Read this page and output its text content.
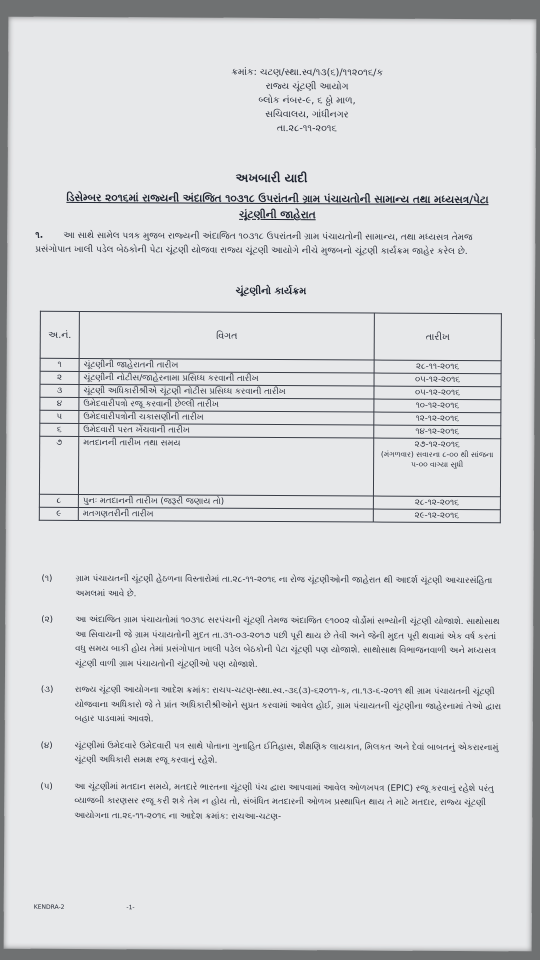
ક્રમાંક: ચટણ/સ્થા.સ્વ/૧૩(૬)/૧૧૨૦૧૬/ક
રાજ્ય ચૂંટણી આયોગ
બ્લોક નંબર-૯, ૬ ઠ્ઠો માળ,
સચિવાલય, ગાંધીનગર
તા.૨૮-૧૧-૨૦૧૬
અખબારી યાદી
ડિસેમ્બર ૨૦૧૬માં રાજ્યની અંદાજિત ૧૦૩૧૮ ઉપરાંતની ગ્રામ પંચાયતોની સામાન્ય તથા મધ્યસત્ર/પેટા ચૂંટણીની જાહેરાત
૧. આ સાથે સામેલ પત્રક મુજબ રાજ્યની અંદાજિત ૧૦૩૧૮ ઉપરાંતની ગ્રામ પંચાયતોની સામાન્ય, તથા મધ્યસત્ર તેમજ પ્રસંગોપાત ખાલી પડેલ બેઠકોની પેટા ચૂંટણી યોજવા રાજ્ય ચૂંટણી આયોગે નીચે મુજબનો ચૂંટણી કાર્યક્રમ જાહેર કરેલ છે.
ચૂંટણીનો કાર્યક્રમ
અ.નં.	વિગત	તારીખ
૧	ચૂંટણીની જાહેરાતની તારીખ	૨૮-૧૧-૨૦૧૬
૨	ચૂંટણીની નોટીસ/જાહેરનામા પ્રસિધ્ધ કરવાની તારીખ	૦૫-૧૨-૨૦૧૬
૩	ચૂંટણી અધિકારીશ્રીએ ચૂંટણી નોટીસ પ્રસિધ્ધ કરવાની તારીખ	૦૫-૧૨-૨૦૧૬
૪	ઉમેદવારીપત્રો રજૂ કરવાની છેલ્લી તારીખ	૧૦-૧૨-૨૦૧૬
૫	ઉમેદવારીપત્રોની ચકાસણીની તારીખ	૧૨-૧૨-૨૦૧૬
૬	ઉમેદવારી પરત ખેંચવાની તારીખ	૧૪-૧૨-૨૦૧૬
૭	મતદાનની તારીખ તથા સમય	૨૭-૧૨-૨૦૧૬
(મંગળવાર) સવારના ૮-૦૦ થી સાંજના ૫-૦૦ વાગ્યા સુધી

૮	પુનઃ મતદાનની તારીખ (જરૂરી જણાય તો)	૨૮-૧૨-૨૦૧૬
૯	મતગણતરીની તારીખ	૨૯-૧૨-૨૦૧૬
(૧)	ગ્રામ પંચાયતની ચૂંટણી હેઠળના વિસ્તારોમાં તા.૨૮-૧૧-૨૦૧૬ ના રોજ ચૂંટણીઓની જાહેરાત થી આદર્શ ચૂંટણી આચારસંહિતા અમલમાં આવે છે.
(૨)	આ અંદાજિત ગ્રામ પંચાયતોમાં ૧૦૩૧૮ સરપંચની ચૂંટણી તેમજ અંદાજિત ૯૧૦૦૨ વોર્ડોમાં સભ્યોની ચૂંટણી યોજાશે. સાથોસાથ આ સિવાયની જે ગ્રામ પંચાયતોની મુદત તા.૩૧-૦૩-૨૦૧૭ પછી પૂરી થાય છે તેવી અને જેની મુદત પૂરી થવામાં એક વર્ષ કરતાં વધુ સમય બાકી હોય તેમાં પ્રસંગોપાત ખાલી પડેલ બેઠકોની પેટા ચૂંટણી પણ યોજાશે. સાથોસાથ વિભાજનવાળી અને મધ્યસત્ર ચૂંટણી વાળી ગ્રામ પંચાયતોની ચૂંટણીઓ પણ યોજાશે.
(૩)	રાજ્ય ચૂંટણી આયોગના આદેશ ક્રમાંક: રાચપ-ચટણ-સ્થા.સ્વ.-૩૬(૩)-૬૨૦૧૧-ક, તા.૧૩-૬-૨૦૧૧ થી ગ્રામ પંચાયતની ચૂંટણી યોજવાના અધિકારો જે તે પ્રાંત અધિકારીશ્રીઓને સુપ્રત કરવામાં આવેલ હોઈ, ગ્રામ પંચાયતની ચૂંટણીના જાહેરનામાં તેઓ દ્વારા બહાર પાડવામાં આવશે.
(૪)	ચૂંટણીમાં ઉમેદવારે ઉમેદવારી પત્ર સાથે પોતાના ગુનાહિત ઈતિહાસ, શૈક્ષણિક લાયકાત, મિલકત અને દેવાં બાબતનું એકરારનામું ચૂંટણી અધિકારી સમક્ષ રજૂ કરવાનું રહેશે.
(૫)	આ ચૂંટણીમાં મતદાન સમયે, મતદારે ભારતના ચૂંટણી પંચ દ્વારા આપવામાં આવેલ ઓળખપત્ર (EPIC) રજૂ કરવાનું રહેશે પરંતુ વ્યાજબી કારણસર રજૂ કરી શકે તેમ ન હોય તો, સંબંધિત મતદારની ઓળખ પ્રસ્થાપિત થાય તે માટે મતદાર, રાજ્ય ચૂંટણી આયોગના તા.૨૬-૧૧-૨૦૧૬ ના આદેશ ક્રમાંક: રાચઆ-ચટણ-
KENDRA-2	-1-
